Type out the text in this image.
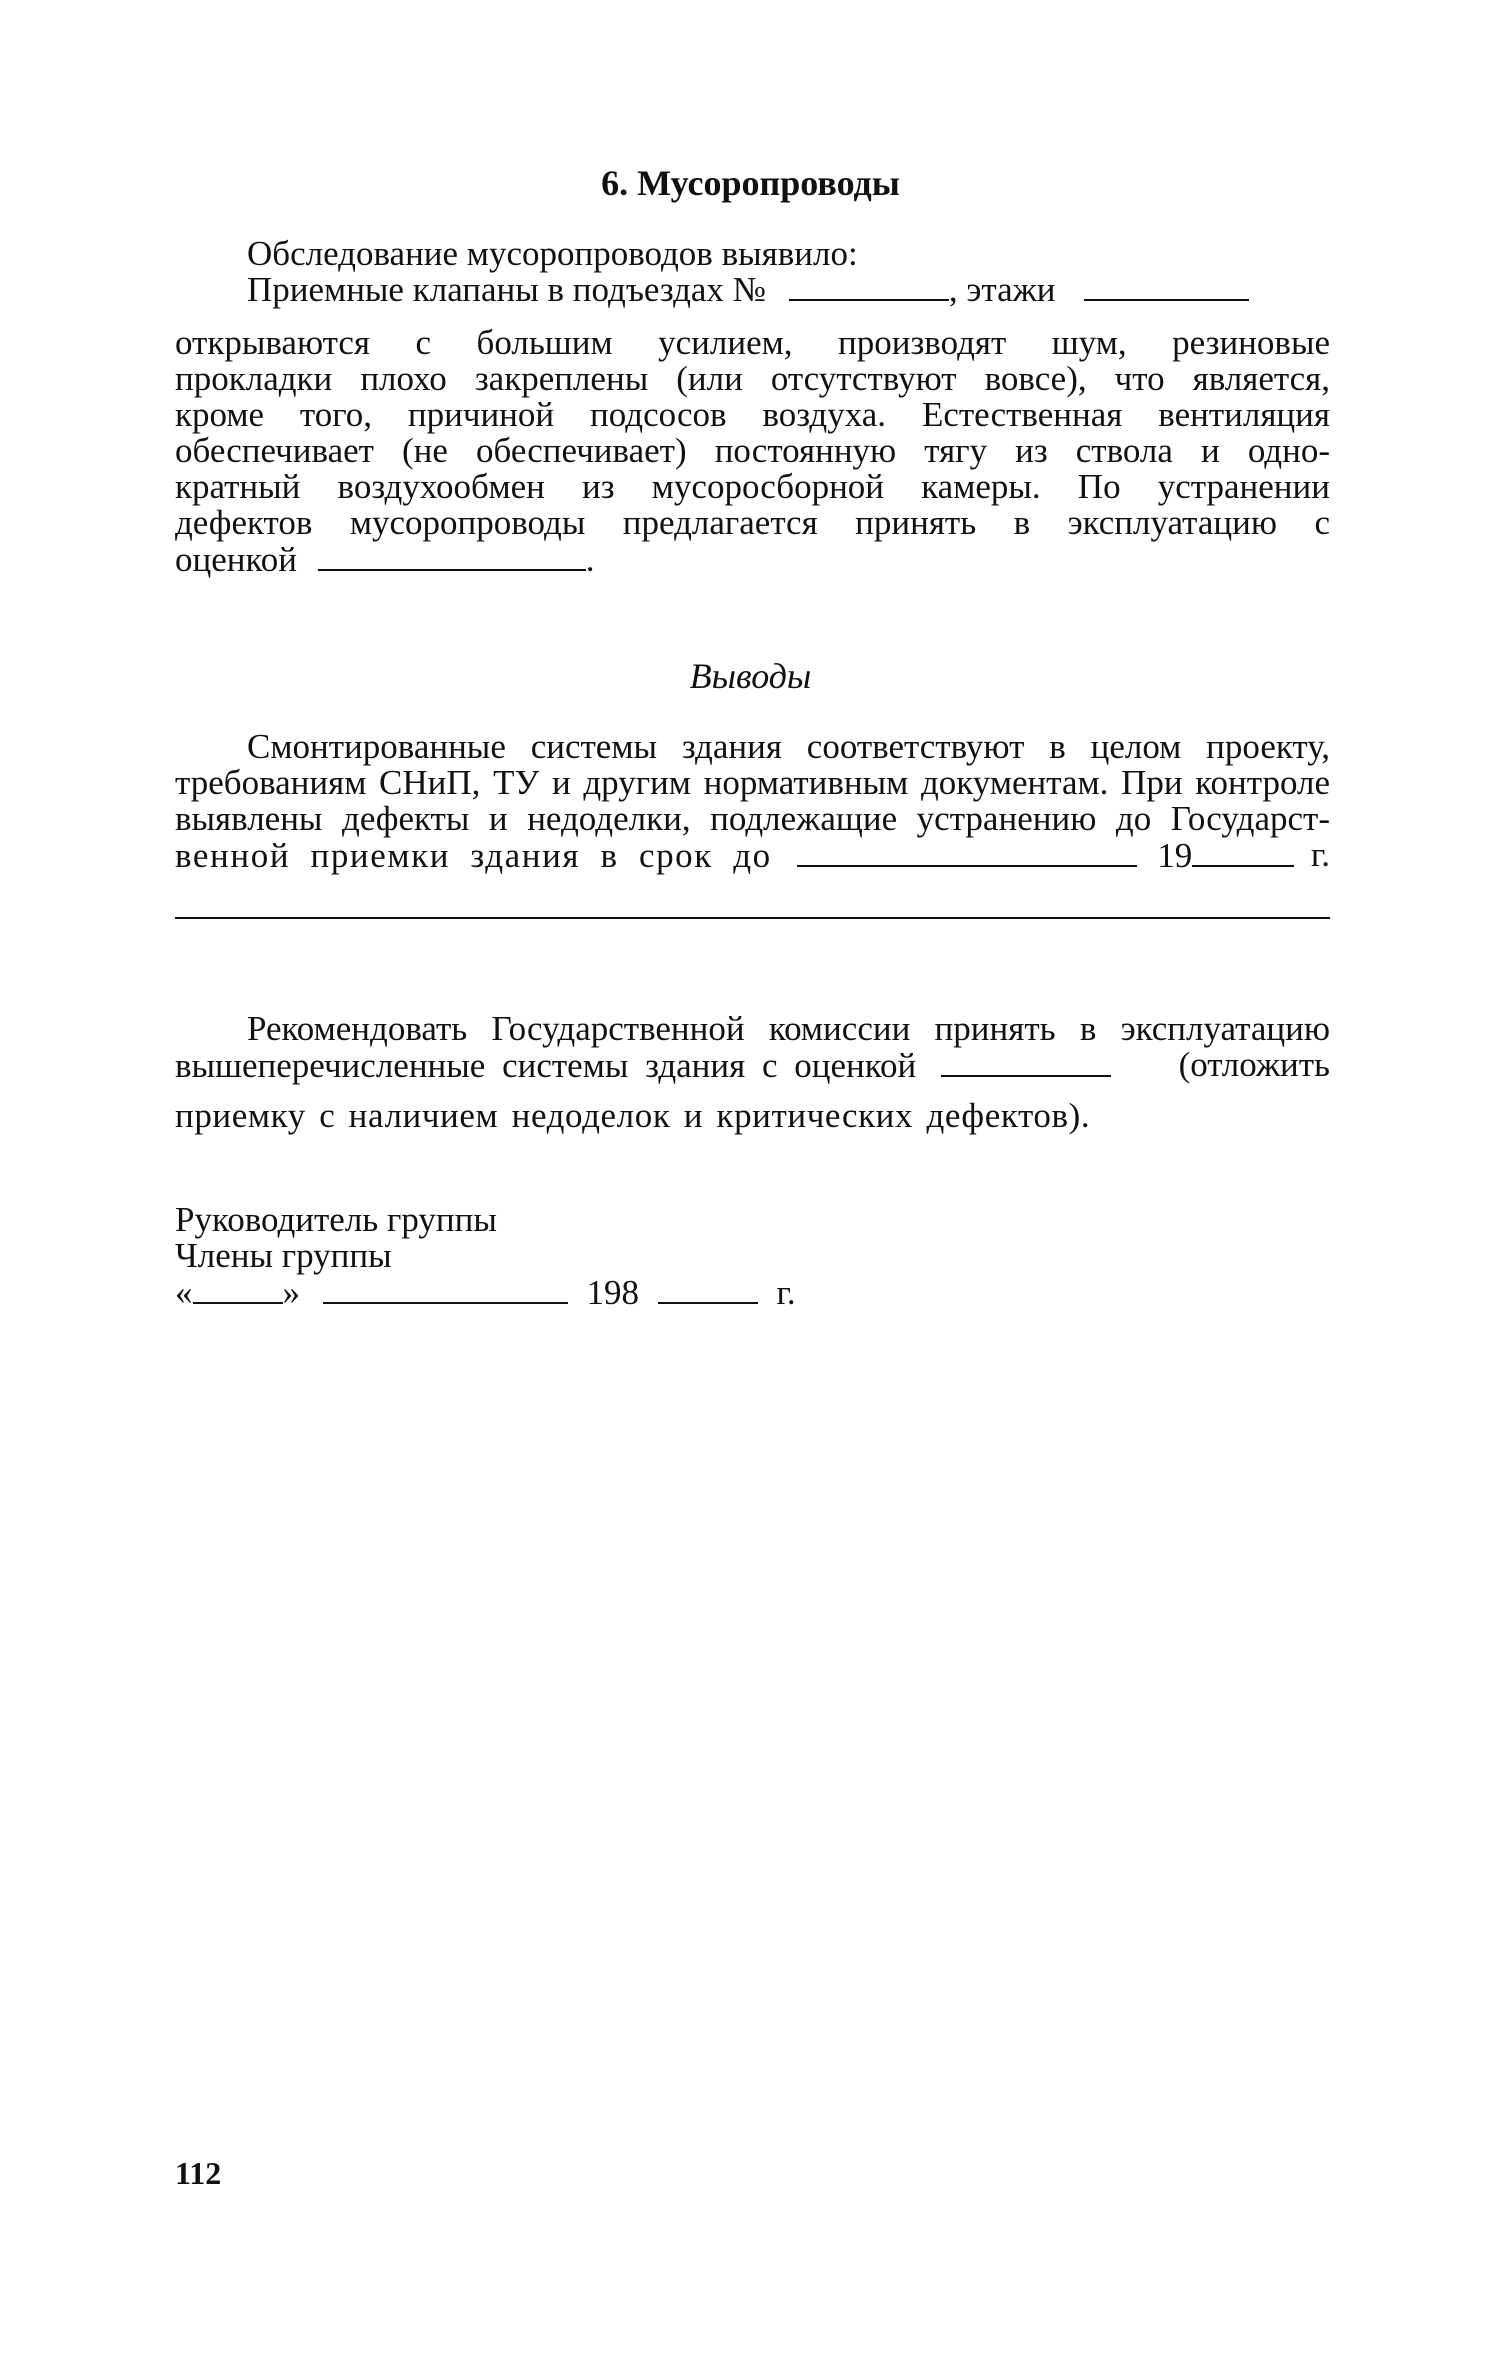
6. Мусоропроводы
Обследование мусоропроводов выявило:
Приемные клапаны в подъездах №	, этажи
открываются с большим усилием, производят шум, резиновые
прокладки плохо закреплены (или отсутствуют вовсе), что является,
кроме того, причиной подсосов воздуха. Естественная вентиляция
обеспечивает (не обеспечивает) постоянную тягу из ствола и одно-
кратный воздухообмен из мусоросборной камеры. По устранении
дефектов мусоропроводы предлагается принять в эксплуатацию с
оценкой	.
Выводы
Смонтированные системы здания соответствуют в целом проекту,
требованиям СНиП, ТУ и другим нормативным документам. При контроле
выявлены дефекты и недоделки, подлежащие устранению до Государст-
венной приемки здания в срок до	19	г.
Рекомендовать Государственной комиссии принять в эксплуатацию
вышеперечисленные системы здания с оценкой	(отложить
приемку с наличием недоделок и критических дефектов).
Руководитель группы
Члены группы
«	»	198	г.
112
